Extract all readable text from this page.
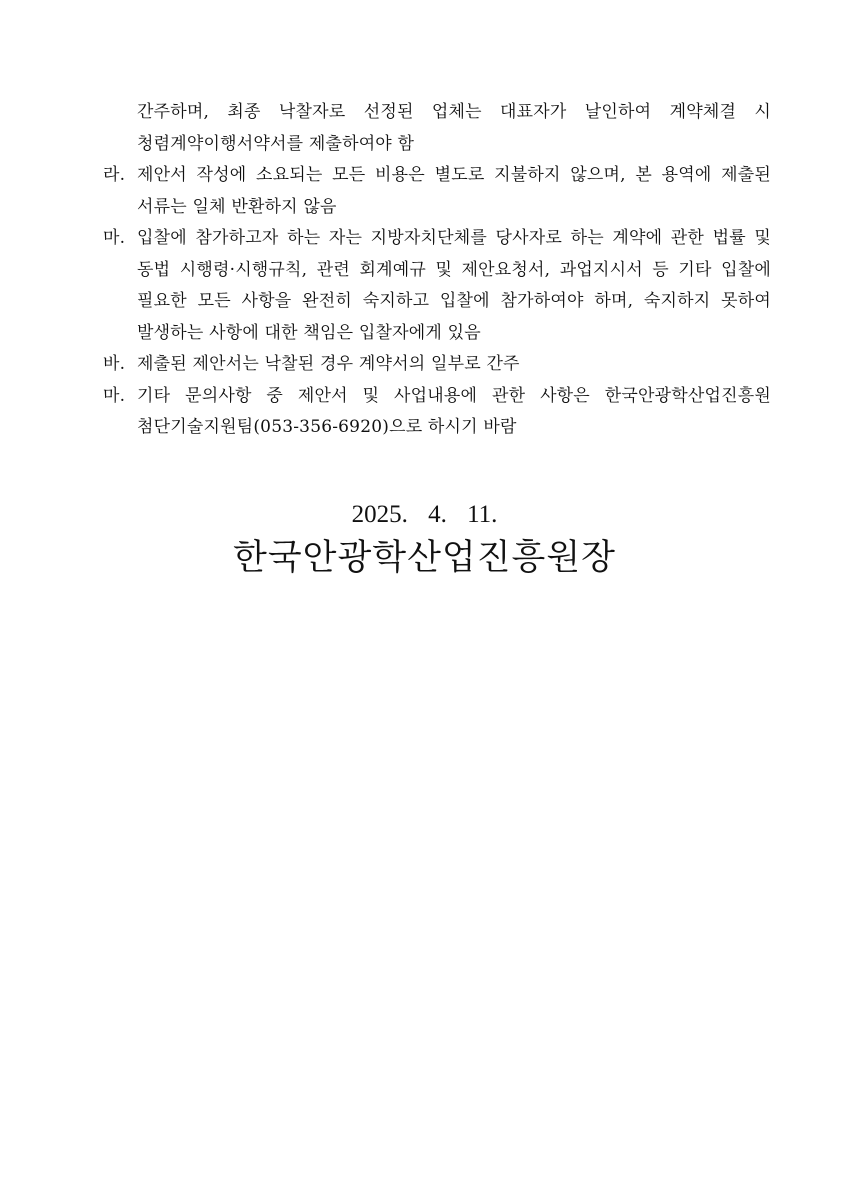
간주하며, 최종 낙찰자로 선정된 업체는 대표자가 날인하여 계약체결 시 청렴계약이행서약서를 제출하여야 함
라. 제안서 작성에 소요되는 모든 비용은 별도로 지불하지 않으며, 본 용역에 제출된 서류는 일체 반환하지 않음
마. 입찰에 참가하고자 하는 자는 지방자치단체를 당사자로 하는 계약에 관한 법률 및 동법 시행령·시행규칙, 관련 회계예규 및 제안요청서, 과업지시서 등 기타 입찰에 필요한 모든 사항을 완전히 숙지하고 입찰에 참가하여야 하며, 숙지하지 못하여 발생하는 사항에 대한 책임은 입찰자에게 있음
바. 제출된 제안서는 낙찰된 경우 계약서의 일부로 간주
마. 기타 문의사항 중 제안서 및 사업내용에 관한 사항은 한국안광학산업진흥원 첨단기술지원팀(053-356-6920)으로 하시기 바람
2025. 4. 11.
한국안광학산업진흥원장
